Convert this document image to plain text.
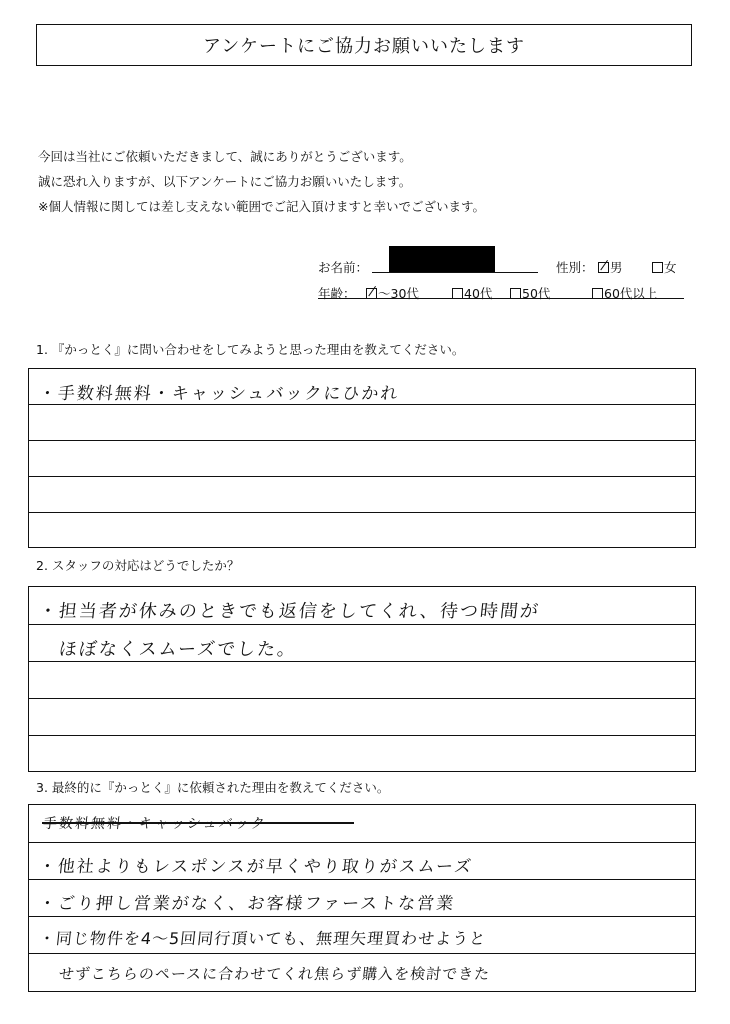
アンケートにご協力お願いいたします
今回は当社にご依頼いただきまして、誠にありがとうございます。
誠に恐れ入りますが、以下アンケートにご協力お願いいたします。
※個人情報に関しては差し支えない範囲でご記入頂けますと幸いでございます。
お名前：	性別：	男	女
年齢：	～30代	40代	50代	60代以上
1. 『かっとく』に問い合わせをしてみようと思った理由を教えてください。
・手数料無料・キャッシュバックにひかれ
2. スタッフの対応はどうでしたか？
・担当者が休みのときでも返信をしてくれ、待つ時間が
ほぼなくスムーズでした。
3. 最終的に『かっとく』に依頼された理由を教えてください。
手数料無料・キャッシュバック
・他社よりもレスポンスが早くやり取りがスムーズ
・ごり押し営業がなく、お客様ファーストな営業
・同じ物件を4～5回同行頂いても、無理矢理買わせようと
せずこちらのペースに合わせてくれ焦らず購入を検討できた
